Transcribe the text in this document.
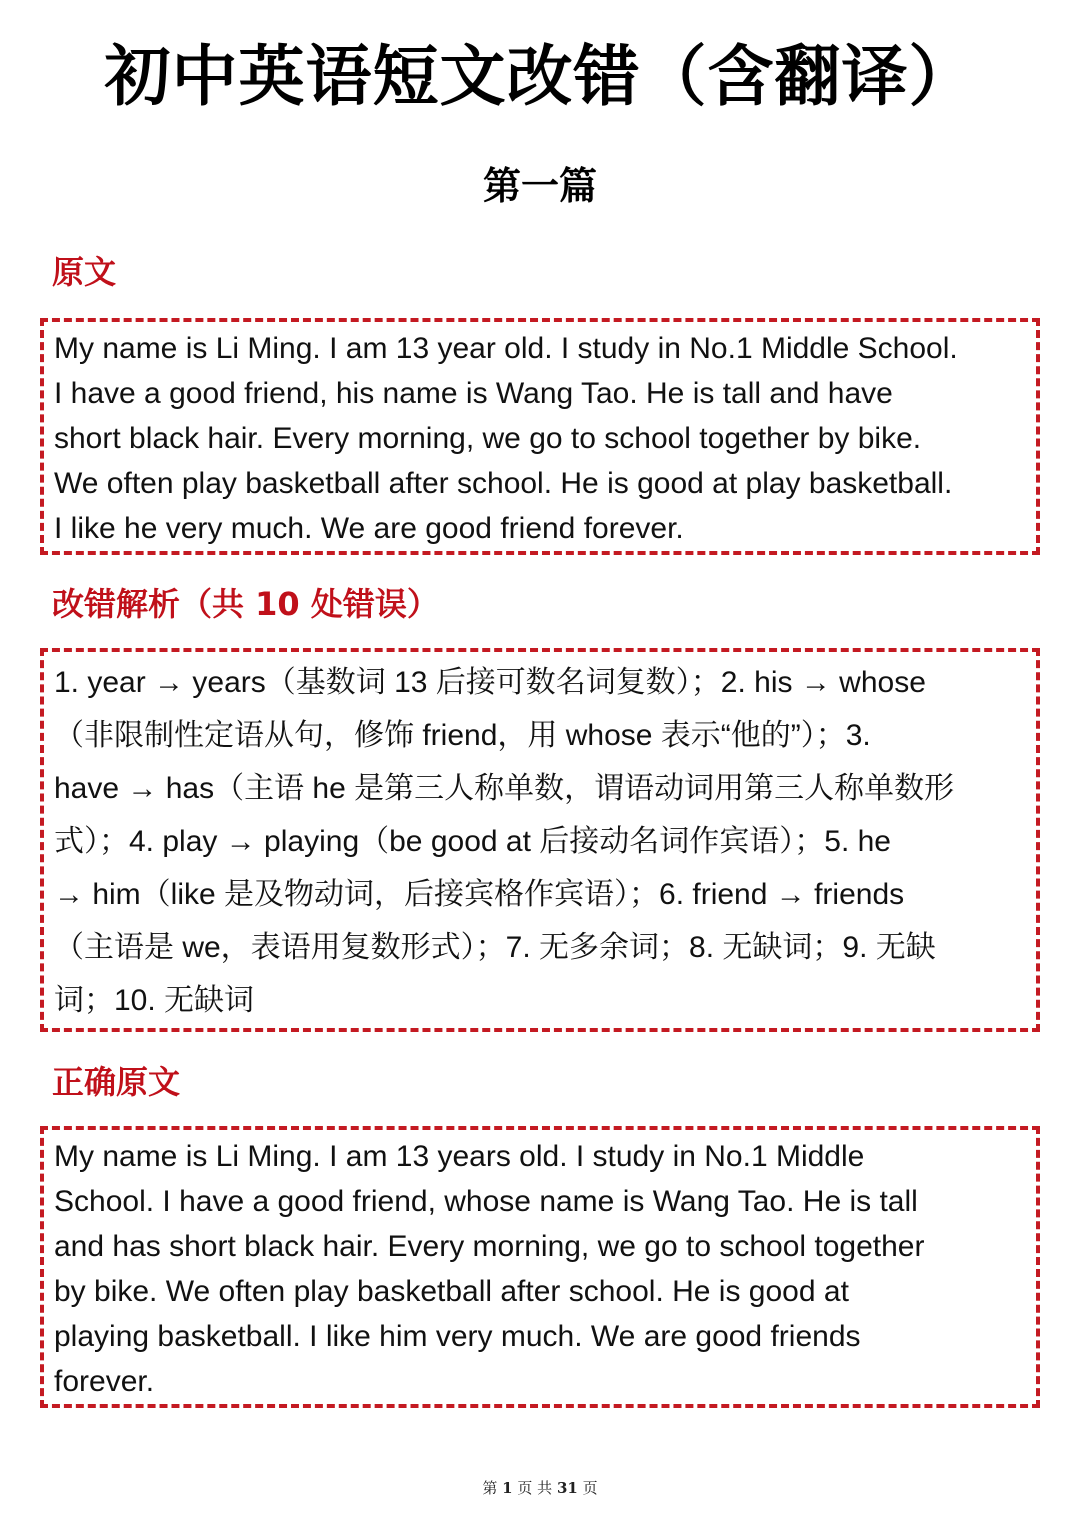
初中英语短文改错（含翻译）
第一篇
原文

My name is Li Ming. I am 13 year old. I study in No.1 Middle School.

I have a good friend, his name is Wang Tao. He is tall and have

short black hair. Every morning, we go to school together by bike.

We often play basketball after school. He is good at play basketball.

I like he very much. We are good friend forever.

改错解析（共 10 处错误）

1. year → years（基数词 13 后接可数名词复数）；2. his → whose

（非限制性定语从句，修饰 friend，用 whose 表示“他的”）；3.

have → has（主语 he 是第三人称单数，谓语动词用第三人称单数形

式）；4. play → playing（be good at 后接动名词作宾语）；5. he

→ him（like 是及物动词，后接宾格作宾语）；6. friend → friends

（主语是 we，表语用复数形式）；7. 无多余词；8. 无缺词；9. 无缺

词；10. 无缺词

正确原文

My name is Li Ming. I am 13 years old. I study in No.1 Middle

School. I have a good friend, whose name is Wang Tao. He is tall

and has short black hair. Every morning, we go to school together

by bike. We often play basketball after school. He is good at

playing basketball. I like him very much. We are good friends

forever.

第 1 页 共 31 页
